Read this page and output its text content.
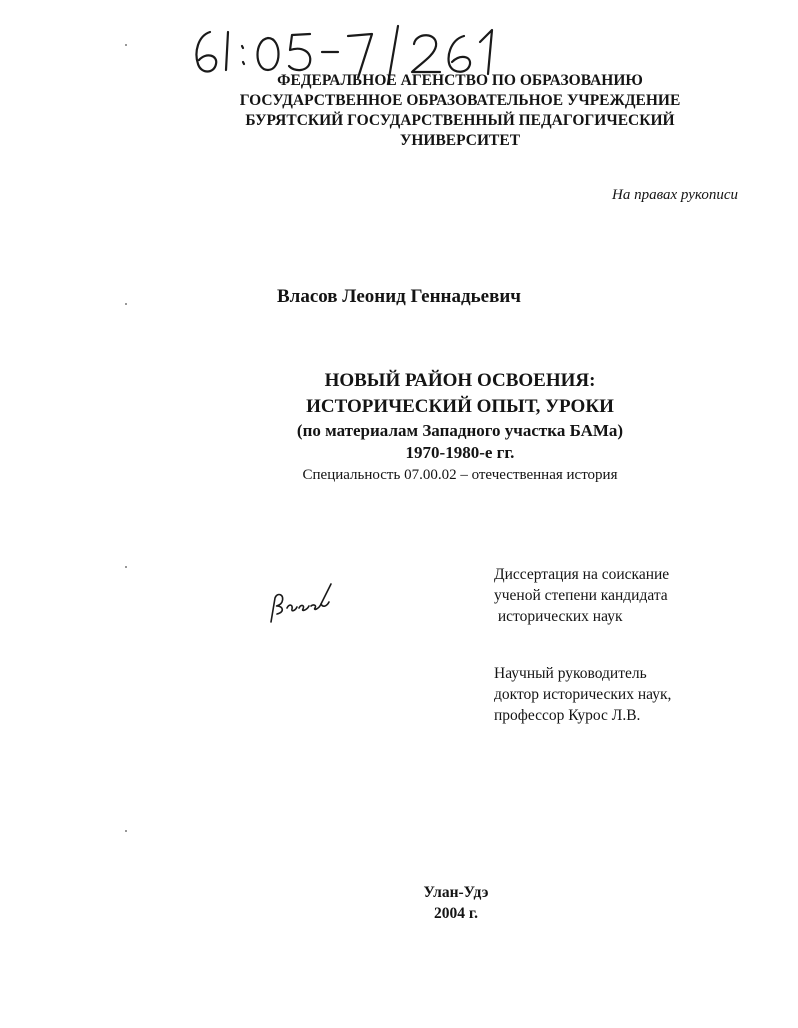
ФЕДЕРАЛЬНОЕ АГЕНСТВО ПО ОБРАЗОВАНИЮ
ГОСУДАРСТВЕННОЕ ОБРАЗОВАТЕЛЬНОЕ УЧРЕЖДЕНИЕ
БУРЯТСКИЙ ГОСУДАРСТВЕННЫЙ ПЕДАГОГИЧЕСКИЙ
УНИВЕРСИТЕТ
На правах рукописи
Власов Леонид Геннадьевич
НОВЫЙ РАЙОН ОСВОЕНИЯ:
ИСТОРИЧЕСКИЙ ОПЫТ, УРОКИ
(по материалам Западного участка БАМа)
1970-1980-е гг.
Специальность 07.00.02 – отечественная история
Диссертация на соискание
ученой степени кандидата
исторических наук
Научный руководитель
доктор исторических наук,
профессор Курос Л.В.
Улан-Удэ
2004 г.
